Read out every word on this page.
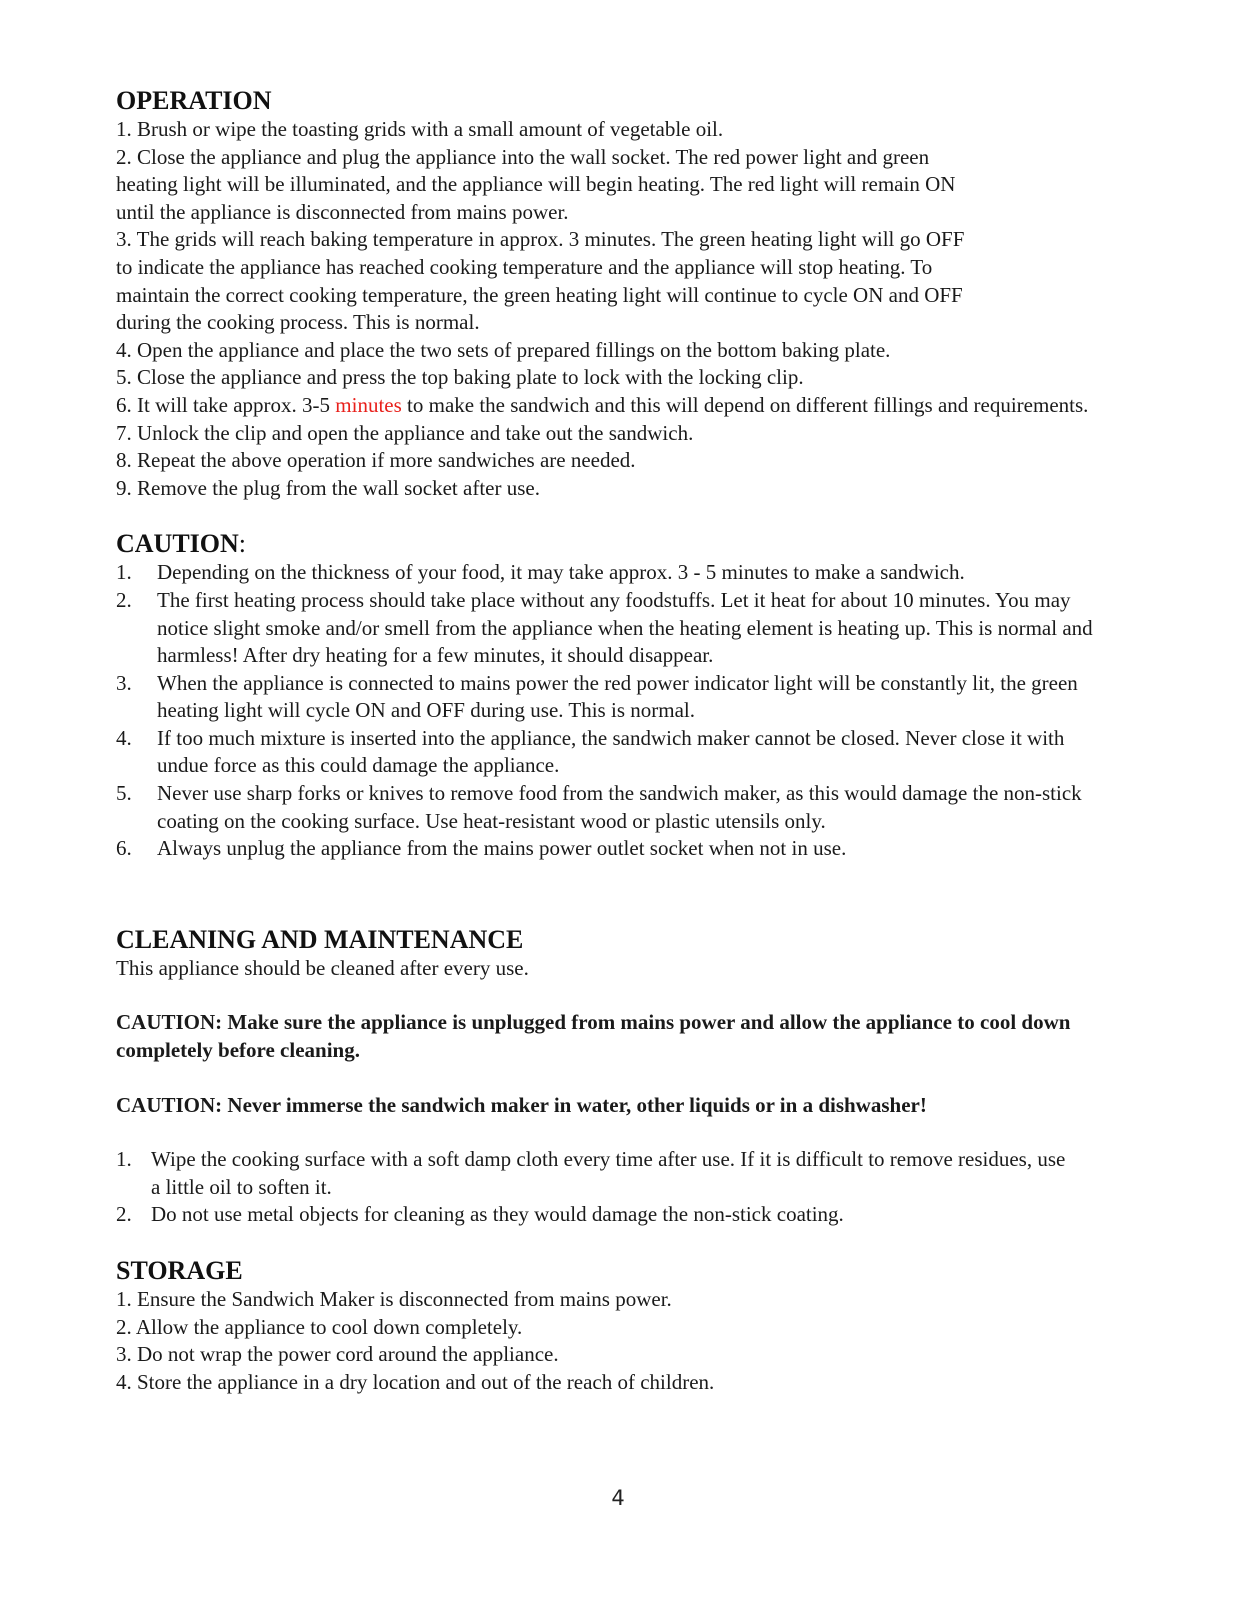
OPERATION

1. Brush or wipe the toasting grids with a small amount of vegetable oil.

2. Close the appliance and plug the appliance into the wall socket. The red power light and green

heating light will be illuminated, and the appliance will begin heating. The red light will remain ON

until the appliance is disconnected from mains power.

3. The grids will reach baking temperature in approx. 3 minutes. The green heating light will go OFF

to indicate the appliance has reached cooking temperature and the appliance will stop heating. To

maintain the correct cooking temperature, the green heating light will continue to cycle ON and OFF

during the cooking process. This is normal.

4. Open the appliance and place the two sets of prepared fillings on the bottom baking plate.

5. Close the appliance and press the top baking plate to lock with the locking clip.

6. It will take approx. 3-5 minutes to make the sandwich and this will depend on different fillings and requirements.

7. Unlock the clip and open the appliance and take out the sandwich.

8. Repeat the above operation if more sandwiches are needed.

9. Remove the plug from the wall socket after use.

CAUTION:
1.	Depending on the thickness of your food, it may take approx. 3 - 5 minutes to make a sandwich.
2.	The first heating process should take place without any foodstuffs. Let it heat for about 10 minutes. You may notice slight smoke and/or smell from the appliance when the heating element is heating up. This is normal and harmless! After dry heating for a few minutes, it should disappear.
3.	When the appliance is connected to mains power the red power indicator light will be constantly lit, the green heating light will cycle ON and OFF during use. This is normal.
4.	If too much mixture is inserted into the appliance, the sandwich maker cannot be closed. Never close it with undue force as this could damage the appliance.
5.	Never use sharp forks or knives to remove food from the sandwich maker, as this would damage the non-stick coating on the cooking surface. Use heat-resistant wood or plastic utensils only.
6.	Always unplug the appliance from the mains power outlet socket when not in use.
CLEANING AND MAINTENANCE

This appliance should be cleaned after every use.

CAUTION: Make sure the appliance is unplugged from mains power and allow the appliance to cool down completely before cleaning.

CAUTION: Never immerse the sandwich maker in water, other liquids or in a dishwasher!

1. Wipe the cooking surface with a soft damp cloth every time after use. If it is difficult to remove residues, use a little oil to soften it.
2. Do not use metal objects for cleaning as they would damage the non-stick coating.
STORAGE

1. Ensure the Sandwich Maker is disconnected from mains power.

2. Allow the appliance to cool down completely.

3. Do not wrap the power cord around the appliance.

4. Store the appliance in a dry location and out of the reach of children.

4
